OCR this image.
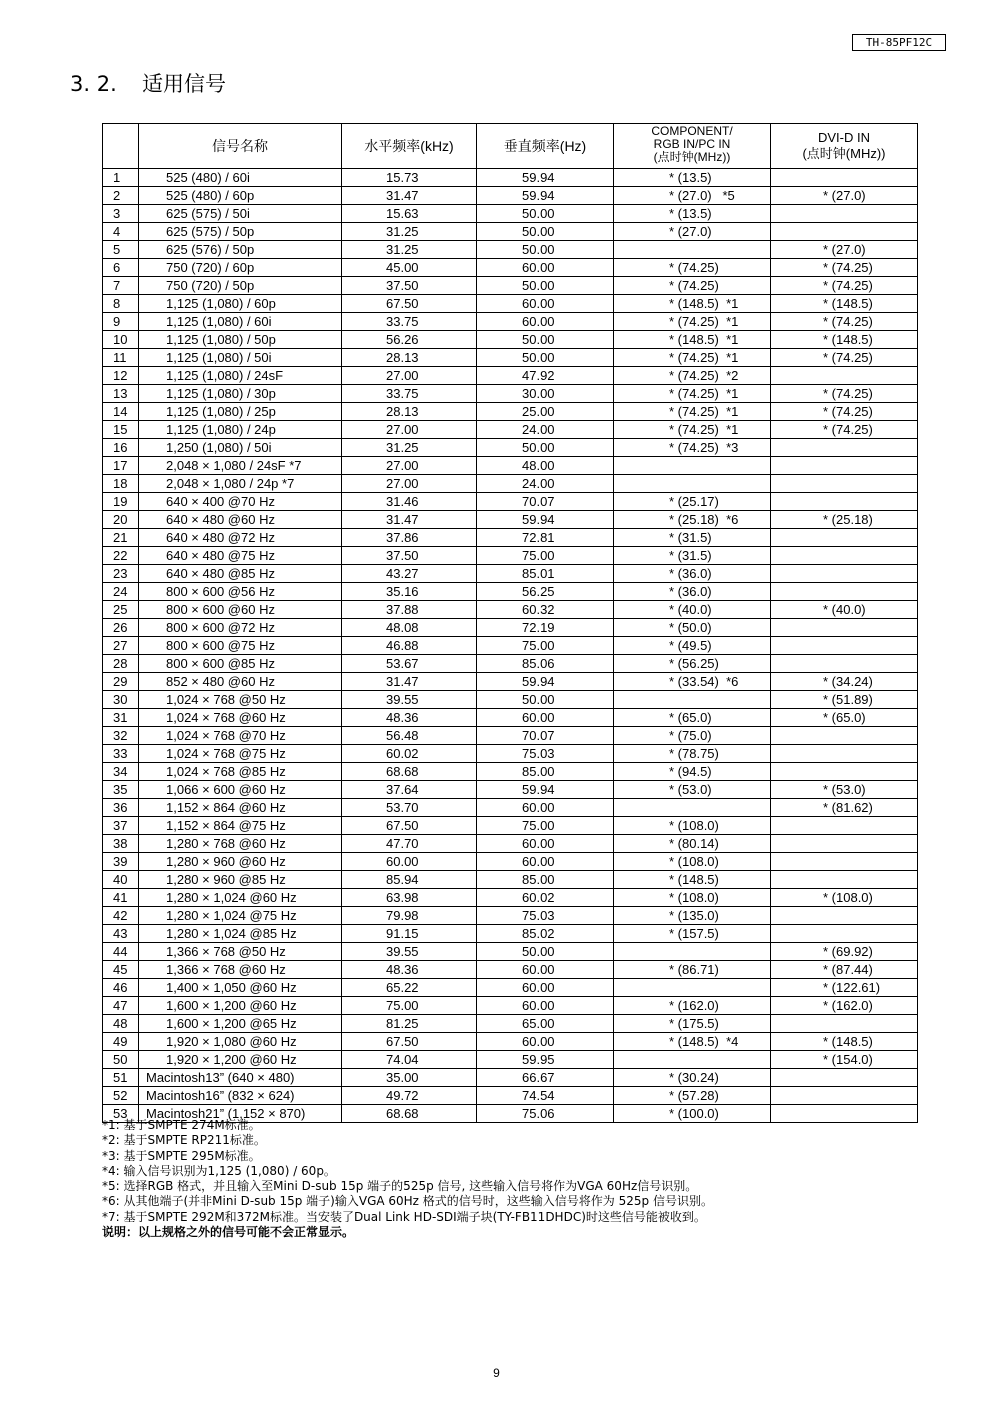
TH-85PF12C
3. 2. 适用信号
	信号名称	水平频率(kHz)	垂直频率(Hz)	COMPONENT/
RGB IN/PC IN
(点时钟(MHz))	DVI-D IN
(点时钟(MHz))
1	525 (480) / 60i	15.73	59.94	* (13.5)	
2	525 (480) / 60p	31.47	59.94	* (27.0)   *5	* (27.0)
3	625 (575) / 50i	15.63	50.00	* (13.5)	
4	625 (575) / 50p	31.25	50.00	* (27.0)	
5	625 (576) / 50p	31.25	50.00		* (27.0)
6	750 (720) / 60p	45.00	60.00	* (74.25)	* (74.25)
7	750 (720) / 50p	37.50	50.00	* (74.25)	* (74.25)
8	1,125 (1,080) / 60p	67.50	60.00	* (148.5)  *1	* (148.5)
9	1,125 (1,080) / 60i	33.75	60.00	* (74.25)  *1	* (74.25)
10	1,125 (1,080) / 50p	56.26	50.00	* (148.5)  *1	* (148.5)
11	1,125 (1,080) / 50i	28.13	50.00	* (74.25)  *1	* (74.25)
12	1,125 (1,080) / 24sF	27.00	47.92	* (74.25)  *2	
13	1,125 (1,080) / 30p	33.75	30.00	* (74.25)  *1	* (74.25)
14	1,125 (1,080) / 25p	28.13	25.00	* (74.25)  *1	* (74.25)
15	1,125 (1,080) / 24p	27.00	24.00	* (74.25)  *1	* (74.25)
16	1,250 (1,080) / 50i	31.25	50.00	* (74.25)  *3	
17	2,048 × 1,080 / 24sF *7	27.00	48.00		
18	2,048 × 1,080 / 24p *7	27.00	24.00		
19	640 × 400 @70 Hz	31.46	70.07	* (25.17)	
20	640 × 480 @60 Hz	31.47	59.94	* (25.18)  *6	* (25.18)
21	640 × 480 @72 Hz	37.86	72.81	* (31.5)	
22	640 × 480 @75 Hz	37.50	75.00	* (31.5)	
23	640 × 480 @85 Hz	43.27	85.01	* (36.0)	
24	800 × 600 @56 Hz	35.16	56.25	* (36.0)	
25	800 × 600 @60 Hz	37.88	60.32	* (40.0)	* (40.0)
26	800 × 600 @72 Hz	48.08	72.19	* (50.0)	
27	800 × 600 @75 Hz	46.88	75.00	* (49.5)	
28	800 × 600 @85 Hz	53.67	85.06	* (56.25)	
29	852 × 480 @60 Hz	31.47	59.94	* (33.54)  *6	* (34.24)
30	1,024 × 768 @50 Hz	39.55	50.00		* (51.89)
31	1,024 × 768 @60 Hz	48.36	60.00	* (65.0)	* (65.0)
32	1,024 × 768 @70 Hz	56.48	70.07	* (75.0)	
33	1,024 × 768 @75 Hz	60.02	75.03	* (78.75)	
34	1,024 × 768 @85 Hz	68.68	85.00	* (94.5)	
35	1,066 × 600 @60 Hz	37.64	59.94	* (53.0)	* (53.0)
36	1,152 × 864 @60 Hz	53.70	60.00		* (81.62)
37	1,152 × 864 @75 Hz	67.50	75.00	* (108.0)	
38	1,280 × 768 @60 Hz	47.70	60.00	* (80.14)	
39	1,280 × 960 @60 Hz	60.00	60.00	* (108.0)	
40	1,280 × 960 @85 Hz	85.94	85.00	* (148.5)	
41	1,280 × 1,024 @60 Hz	63.98	60.02	* (108.0)	* (108.0)
42	1,280 × 1,024 @75 Hz	79.98	75.03	* (135.0)	
43	1,280 × 1,024 @85 Hz	91.15	85.02	* (157.5)	
44	1,366 × 768 @50 Hz	39.55	50.00		* (69.92)
45	1,366 × 768 @60 Hz	48.36	60.00	* (86.71)	* (87.44)
46	1,400 × 1,050 @60 Hz	65.22	60.00		* (122.61)
47	1,600 × 1,200 @60 Hz	75.00	60.00	* (162.0)	* (162.0)
48	1,600 × 1,200 @65 Hz	81.25	65.00	* (175.5)	
49	1,920 × 1,080 @60 Hz	67.50	60.00	* (148.5)  *4	* (148.5)
50	1,920 × 1,200 @60 Hz	74.04	59.95		* (154.0)
51	Macintosh13” (640 × 480)	35.00	66.67	* (30.24)	
52	Macintosh16” (832 × 624)	49.72	74.54	* (57.28)	
53	Macintosh21” (1,152 × 870)	68.68	75.06	* (100.0)	
*1: 基于SMPTE 274M标准。
*2: 基于SMPTE RP211标准。
*3: 基于SMPTE 295M标准。
*4: 输入信号识别为1,125 (1,080) / 60p。
*5: 选择RGB 格式，并且输入至Mini D-sub 15p 端子的525p 信号, 这些输入信号将作为VGA 60Hz信号识别。
*6: 从其他端子(并非Mini D-sub 15p 端子)输入VGA 60Hz 格式的信号时，这些输入信号将作为 525p 信号识别。
*7: 基于SMPTE 292M和372M标准。当安装了Dual Link HD-SDI端子块(TY-FB11DHDC)时这些信号能被收到。
说明：以上规格之外的信号可能不会正常显示。
9
